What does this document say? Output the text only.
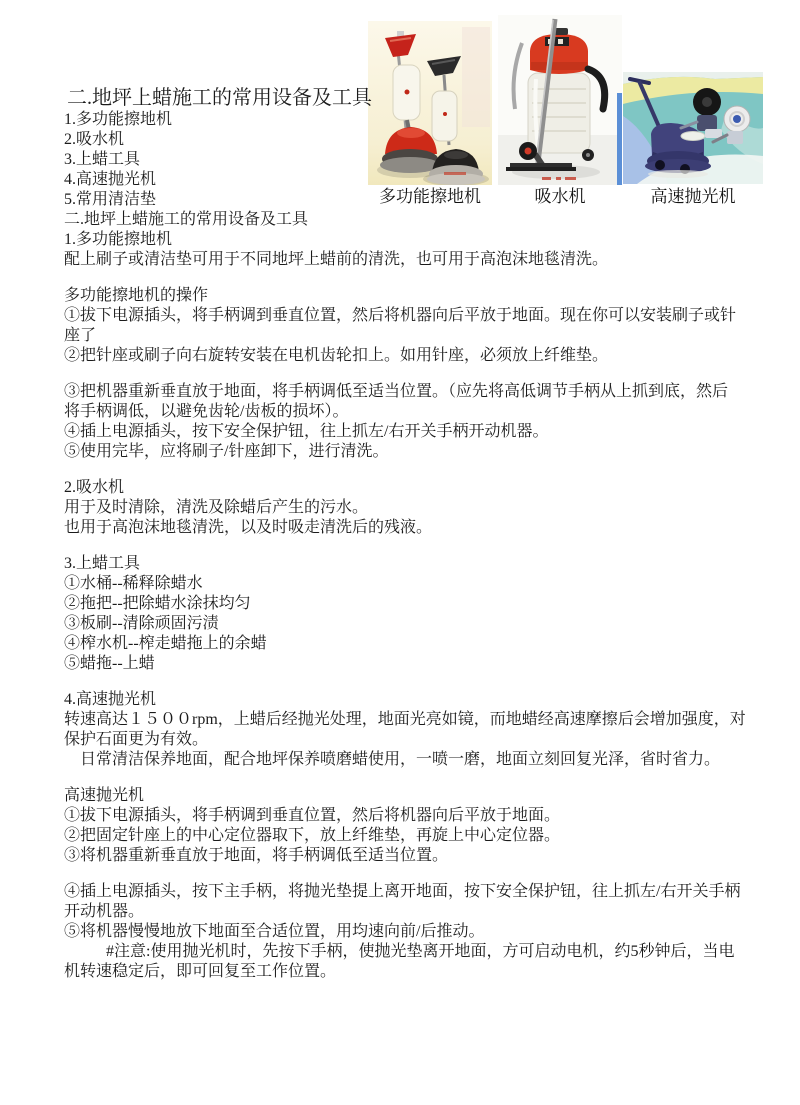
多功能擦地机	吸水机	高速抛光机
二.地坪上蜡施工的常用设备及工具
1.多功能擦地机
2.吸水机
3.上蜡工具
4.高速抛光机
5.常用清洁垫
二.地坪上蜡施工的常用设备及工具
1.多功能擦地机
配上刷子或清洁垫可用于不同地坪上蜡前的清洗，也可用于高泡沫地毯清洗。
多功能擦地机的操作
①拔下电源插头，将手柄调到垂直位置，然后将机器向后平放于地面。现在你可以安装刷子或针
座了
②把针座或刷子向右旋转安装在电机齿轮扣上。如用针座，必须放上纤维垫。
③把机器重新垂直放于地面，将手柄调低至适当位置。（应先将高低调节手柄从上抓到底，然后
将手柄调低，以避免齿轮/齿板的损坏）。
④插上电源插头，按下安全保护钮，往上抓左/右开关手柄开动机器。
⑤使用完毕，应将刷子/针座卸下，进行清洗。
2.吸水机
用于及时清除，清洗及除蜡后产生的污水。
也用于高泡沫地毯清洗，以及时吸走清洗后的残液。
3.上蜡工具
①水桶--稀释除蜡水
②拖把--把除蜡水涂抹均匀
③板刷--清除顽固污渍
④榨水机--榨走蜡拖上的余蜡
⑤蜡拖--上蜡
4.高速抛光机
转速高达１５００rpm，上蜡后经抛光处理，地面光亮如镜，而地蜡经高速摩擦后会增加强度，对
保护石面更为有效。
　日常清洁保养地面，配合地坪保养喷磨蜡使用，一喷一磨，地面立刻回复光泽，省时省力。
高速抛光机
①拔下电源插头，将手柄调到垂直位置，然后将机器向后平放于地面。
②把固定针座上的中心定位器取下，放上纤维垫，再旋上中心定位器。
③将机器重新垂直放于地面，将手柄调低至适当位置。
④插上电源插头，按下主手柄，将抛光垫提上离开地面，按下安全保护钮，往上抓左/右开关手柄
开动机器。
⑤将机器慢慢地放下地面至合适位置，用均速向前/后推动。
#注意:使用抛光机时，先按下手柄，使抛光垫离开地面，方可启动电机，约5秒钟后，当电
机转速稳定后，即可回复至工作位置。
